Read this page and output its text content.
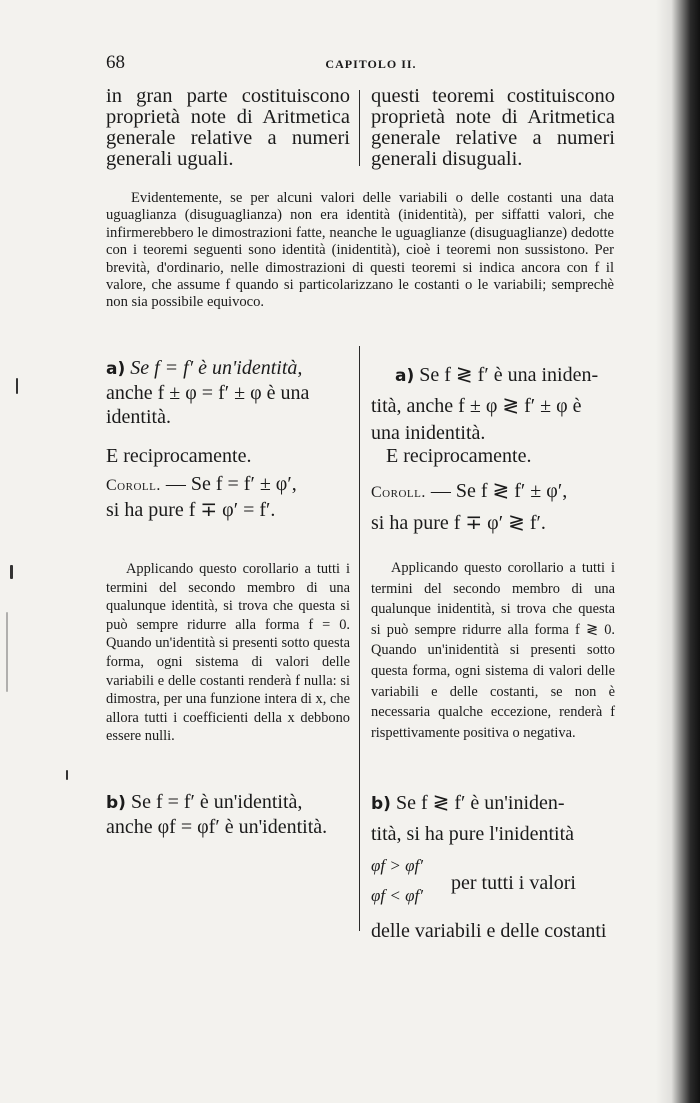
68	CAPITOLO II.
in gran parte costituiscono
proprietà note di Aritmetica
generale relative a numeri
generali uguali.
questi teoremi costituiscono
proprietà note di Aritmetica
generale relative a numeri
generali disuguali.
Evidentemente, se per alcuni valori delle variabili o delle costanti una data uguaglianza (disuguaglianza) non era identità (inidentità), per siffatti valori, che infirmerebbero le dimostrazioni fatte, neanche le uguaglianze (disuguaglianze) dedotte con i teoremi seguenti sono identità (inidentità), cioè i teoremi non sussistono. Per brevità, d'ordinario, nelle dimostrazioni di questi teoremi si indica ancora con f il valore, che assume f quando si particolarizzano le costanti o le variabili; semprechè non sia possibile equivoco.
a) Se f = f′ è un'identità,
anche f ± φ = f′ ± φ è una
identità.
E reciprocamente.
Coroll. — Se f = f′ ± φ′,
si ha pure f ∓ φ′ = f′.
Applicando questo corollario a tutti i termini del secondo membro di una qualunque identità, si trova che questa si può sempre ridurre alla forma f = 0. Quando un'identità si presenti sotto questa forma, ogni sistema di valori delle variabili e delle costanti renderà f nulla: si dimostra, per una funzione intera di x, che allora tutti i coefficienti della x debbono essere nulli.
b) Se f = f′ è un'identità,
anche φf = φf′ è un'identità.
a) Se f ≷ f′ è una iniden-
tità, anche f ± φ ≷ f′ ± φ è
una inidentità.
E reciprocamente.
Coroll. — Se f ≷ f′ ± φ′,
si ha pure f ∓ φ′ ≷ f′.
Applicando questo corollario a tutti i termini del secondo membro di una qualunque inidentità, si trova che questa si può sempre ridurre alla forma f ≷ 0. Quando un'inidentità si presenti sotto questa forma, ogni sistema di valori delle variabili e delle costanti, se non è necessaria qualche eccezione, renderà f rispettivamente positiva o negativa.
b) Se f ≷ f′ è un'iniden-
tità, si ha pure l'inidentità
φf > φf′
φf < φf′
per tutti i valori
delle variabili e delle costanti
